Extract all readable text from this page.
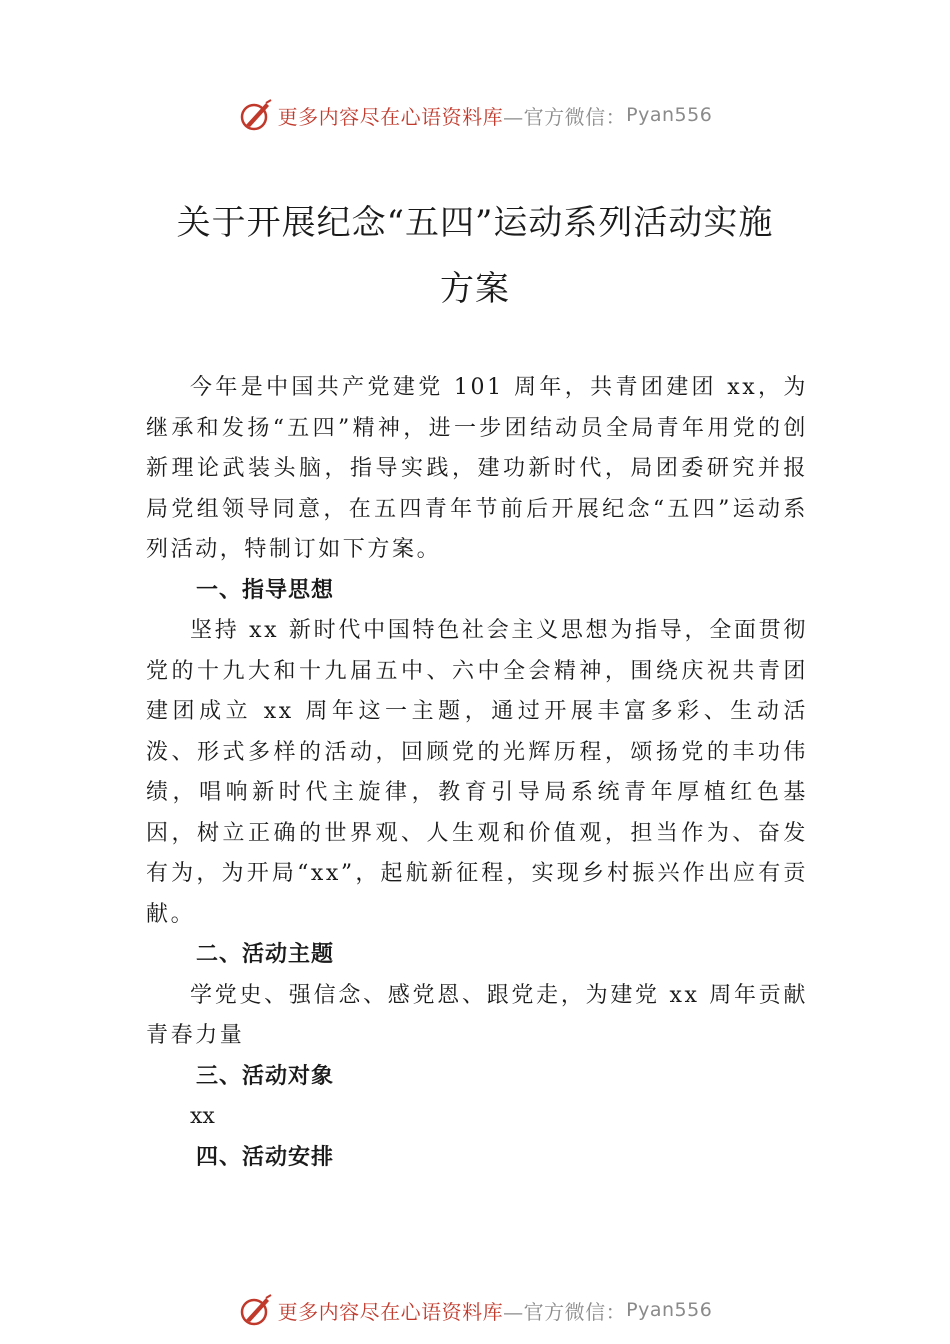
更多内容尽在心语资料库 —官方微信： Pyan556
关于开展纪念“五四”运动系列活动实施
方案

今年是中国共产党建党 101 周年，共青团建团 xx，为继承和发扬“五四”精神，进一步团结动员全局青年用党的创新理论武装头脑，指导实践，建功新时代，局团委研究并报局党组领导同意，在五四青年节前后开展纪念“五四”运动系列活动，特制订如下方案。

一、指导思想

坚持 xx 新时代中国特色社会主义思想为指导，全面贯彻党的十九大和十九届五中、六中全会精神，围绕庆祝共青团建团成立 xx 周年这一主题，通过开展丰富多彩、生动活泼、形式多样的活动，回顾党的光辉历程，颂扬党的丰功伟绩，唱响新时代主旋律，教育引导局系统青年厚植红色基因，树立正确的世界观、人生观和价值观，担当作为、奋发有为，为开局“xx”，起航新征程，实现乡村振兴作出应有贡献。

二、活动主题

学党史、强信念、感党恩、跟党走，为建党 xx 周年贡献青春力量

三、活动对象

xx

四、活动安排
更多内容尽在心语资料库 —官方微信： Pyan556
